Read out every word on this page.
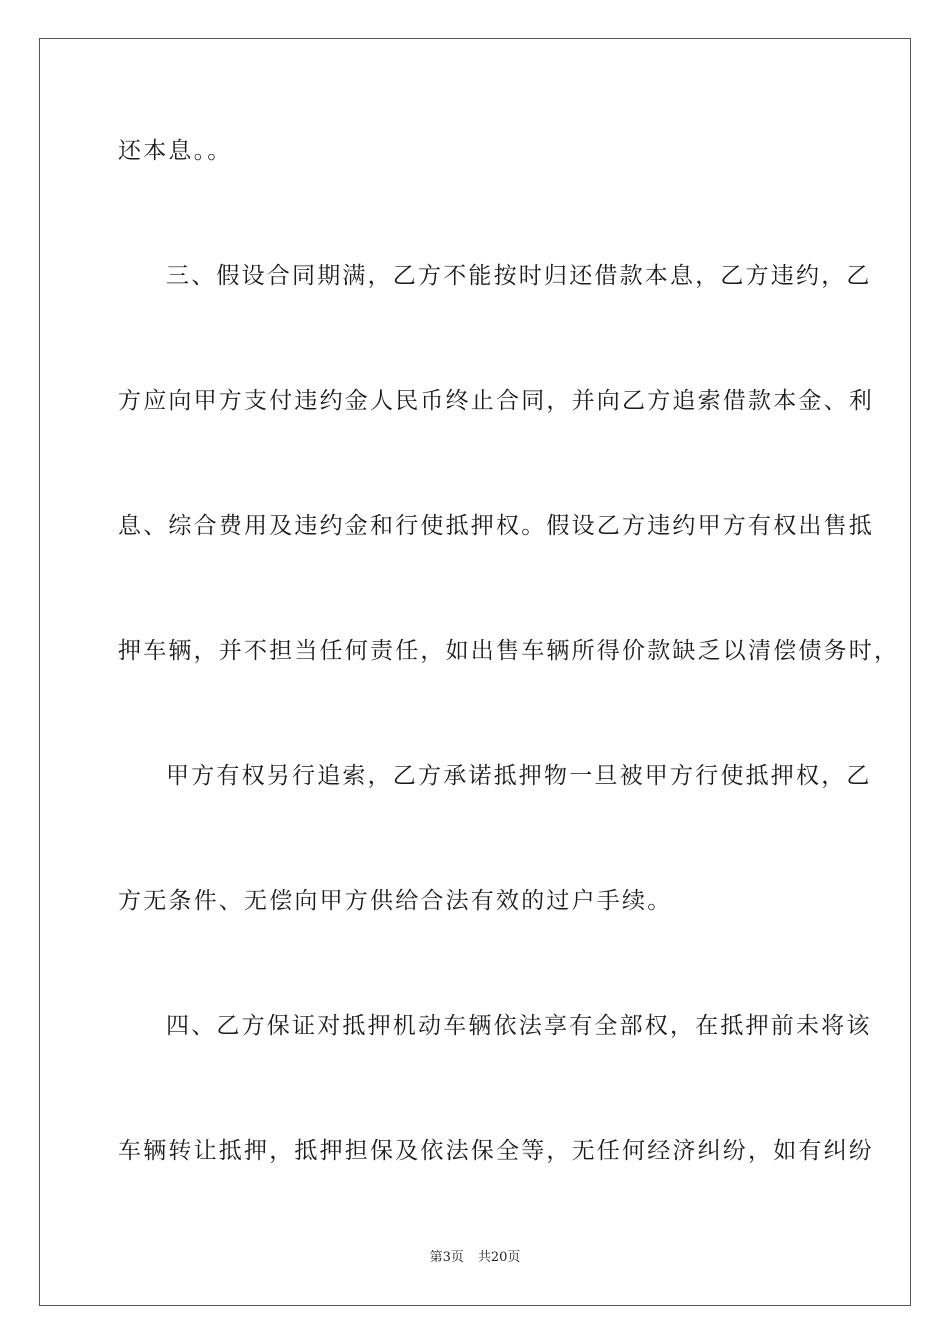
还本息。。
三、假设合同期满，乙方不能按时归还借款本息，乙方违约，乙
方应向甲方支付违约金人民币终止合同，并向乙方追索借款本金、利
息、综合费用及违约金和行使抵押权。假设乙方违约甲方有权出售抵
押车辆，并不担当任何责任，如出售车辆所得价款缺乏以清偿债务时，
甲方有权另行追索，乙方承诺抵押物一旦被甲方行使抵押权，乙
方无条件、无偿向甲方供给合法有效的过户手续。
四、乙方保证对抵押机动车辆依法享有全部权，在抵押前未将该
车辆转让抵押，抵押担保及依法保全等，无任何经济纠纷，如有纠纷
第3页 共20页
